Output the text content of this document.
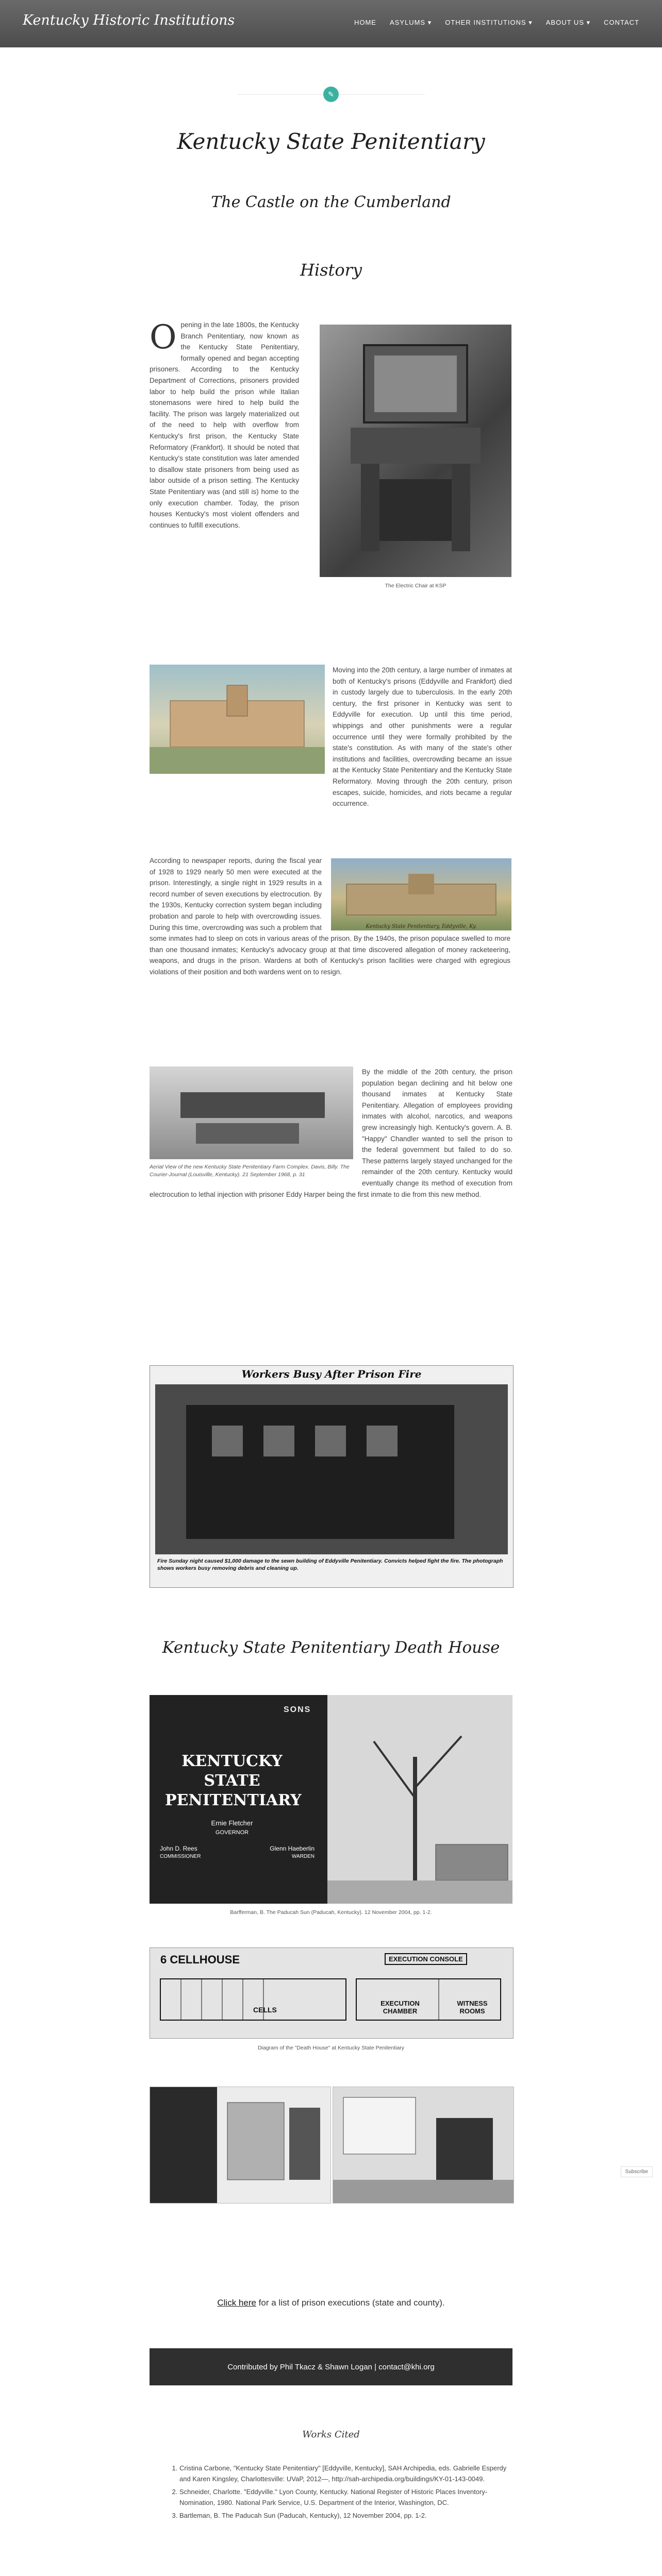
Kentucky Historic Institutions	HOME ASYLUMS ▾ OTHER INSTITUTIONS ▾ ABOUT US ▾ CONTACT
✎
Kentucky State Penitentiary
The Castle on the Cumberland
History
Opening in the late 1800s, the Kentucky Branch Penitentiary, now known as the Kentucky State Penitentiary, formally opened and began accepting prisoners. According to the Kentucky Department of Corrections, prisoners provided labor to help build the prison while Italian stonemasons were hired to help build the facility. The prison was largely materialized out of the need to help with overflow from Kentucky's first prison, the Kentucky State Reformatory (Frankfort). It should be noted that Kentucky's state constitution was later amended to disallow state prisoners from being used as labor outside of a prison setting. The Kentucky State Penitentiary was (and still is) home to the only execution chamber. Today, the prison houses Kentucky's most violent offenders and continues to fulfill executions.
The Electric Chair at KSP
Moving into the 20th century, a large number of inmates at both of Kentucky's prisons (Eddyville and Frankfort) died in custody largely due to tuberculosis. In the early 20th century, the first prisoner in Kentucky was sent to Eddyville for execution. Up until this time period, whippings and other punishments were a regular occurrence until they were formally prohibited by the state's constitution. As with many of the state's other institutions and facilities, overcrowding became an issue at the Kentucky State Penitentiary and the Kentucky State Reformatory. Moving through the 20th century, prison escapes, suicide, homicides, and riots became a regular occurrence.
According to newspaper reports, during the fiscal year of 1928 to 1929 nearly 50 men were executed at the prison. Interestingly, a single night in 1929 results in a record number of seven executions by electrocution. By the 1930s, Kentucky correction system began including probation and parole to help with overcrowding issues. During this time, overcrowding was such a problem that some inmates had to sleep on cots in various areas of the prison. By the 1940s, the prison populace swelled to more than one thousand inmates; Kentucky's advocacy group at that time discovered allegation of money racketeering, weapons, and drugs in the prison. Wardens at both of Kentucky's prison facilities were charged with egregious violations of their position and both wardens went on to resign.
Kentucky State Penitentiary, Eddyville, Ky.
Aerial View of the new Kentucky State Penitentiary Farm Complex. Davis, Billy. The Courier-Journal (Louisville, Kentucky). 21 September 1968, p. 31
By the middle of the 20th century, the prison population began declining and hit below one thousand inmates at Kentucky State Penitentiary. Allegation of employees providing inmates with alcohol, narcotics, and weapons grew increasingly high. Kentucky's govern. A. B. "Happy" Chandler wanted to sell the prison to the federal government but failed to do so. These patterns largely stayed unchanged for the remainder of the 20th century. Kentucky would eventually change its method of execution from electrocution to lethal injection with prisoner Eddy Harper being the first inmate to die from this new method.
Workers Busy After Prison Fire
Fire Sunday night caused $1,000 damage to the sewn building of Eddyville Penitentiary. Convicts helped fight the fire. The photograph shows workers busy removing debris and cleaning up.
Kentucky State Penitentiary Death House
SONS
KENTUCKY
STATE
PENITENTIARY
Ernie Fletcher
GOVERNOR
John D. Rees
COMMISSIONER
Glenn Haeberlin
WARDEN
Barfferman, B. The Paducah Sun (Paducah, Kentucky). 12 November 2004, pp. 1-2.
6 CELLHOUSE	EXECUTION CONSOLE
CELLS
EXECUTION CHAMBER
WITNESS ROOMS
Diagram of the "Death House" at Kentucky State Penitentiary
Click here for a list of prison executions (state and county).
Contributed by Phil Tkacz & Shawn Logan | contact@khi.org
Works Cited
1. Cristina Carbone, "Kentucky State Penitentiary" [Eddyville, Kentucky], SAH Archipedia, eds. Gabrielle Esperdy and Karen Kingsley, Charlottesville: UVaP, 2012—, http://sah-archipedia.org/buildings/KY-01-143-0049.
2. Schneider, Charlotte. "Eddyville." Lyon County, Kentucky. National Register of Historic Places Inventory-Nomination, 1980. National Park Service, U.S. Department of the Interior, Washington, DC.
3. Bartleman, B. The Paducah Sun (Paducah, Kentucky), 12 November 2004, pp. 1-2.

Subscribe
